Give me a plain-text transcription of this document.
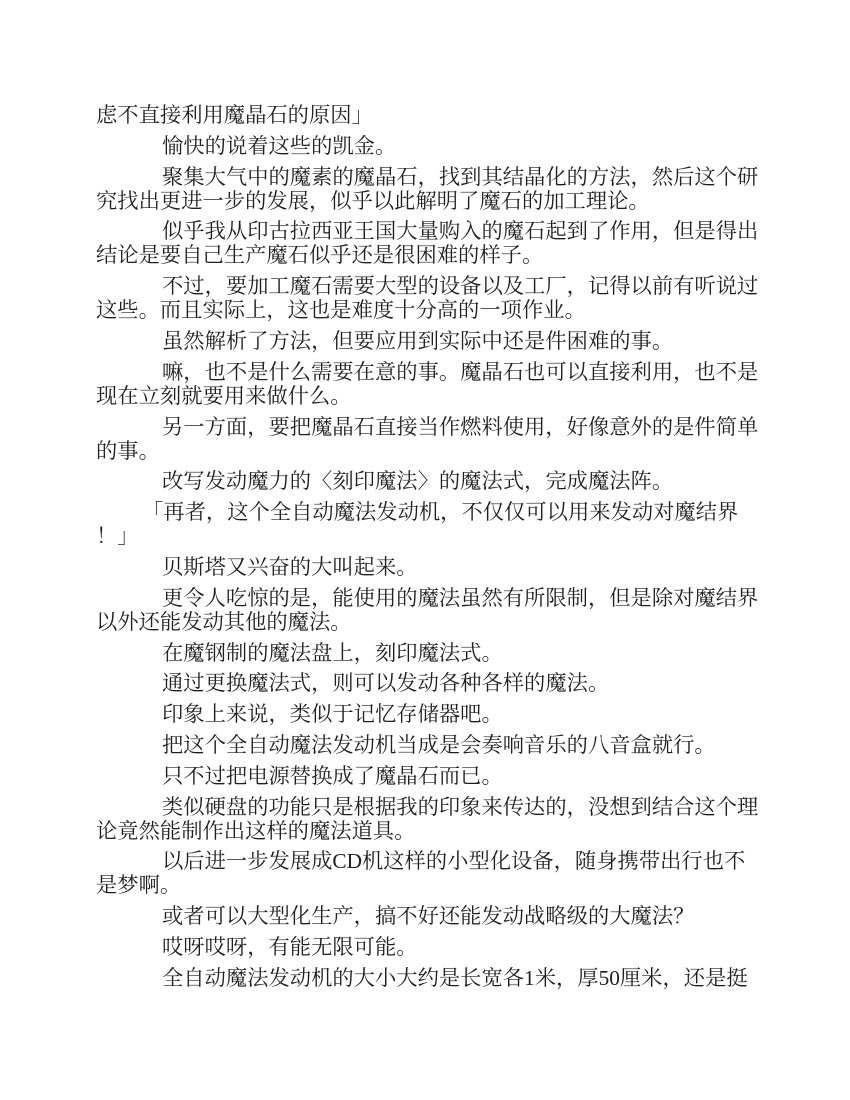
虑不直接利用魔晶石的原因」

愉快的说着这些的凯金。

聚集大气中的魔素的魔晶石，找到其结晶化的方法，然后这个研
究找出更进一步的发展，似乎以此解明了魔石的加工理论。

似乎我从印古拉西亚王国大量购入的魔石起到了作用，但是得出
结论是要自己生产魔石似乎还是很困难的样子。

不过，要加工魔石需要大型的设备以及工厂，记得以前有听说过
这些。而且实际上，这也是难度十分高的一项作业。

虽然解析了方法，但要应用到实际中还是件困难的事。

嘛，也不是什么需要在意的事。魔晶石也可以直接利用，也不是
现在立刻就要用来做什么。

另一方面，要把魔晶石直接当作燃料使用，好像意外的是件简单
的事。

改写发动魔力的〈刻印魔法〉的魔法式，完成魔法阵。

「再者，这个全自动魔法发动机，不仅仅可以用来发动对魔结界
！」

贝斯塔又兴奋的大叫起来。

更令人吃惊的是，能使用的魔法虽然有所限制，但是除对魔结界
以外还能发动其他的魔法。

在魔钢制的魔法盘上，刻印魔法式。

通过更换魔法式，则可以发动各种各样的魔法。

印象上来说，类似于记忆存储器吧。

把这个全自动魔法发动机当成是会奏响音乐的八音盒就行。

只不过把电源替换成了魔晶石而已。

类似硬盘的功能只是根据我的印象来传达的，没想到结合这个理
论竟然能制作出这样的魔法道具。

以后进一步发展成CD机这样的小型化设备，随身携带出行也不
是梦啊。

或者可以大型化生产，搞不好还能发动战略级的大魔法？

哎呀哎呀，有能无限可能。

全自动魔法发动机的大小大约是长宽各1米，厚50厘米，还是挺
